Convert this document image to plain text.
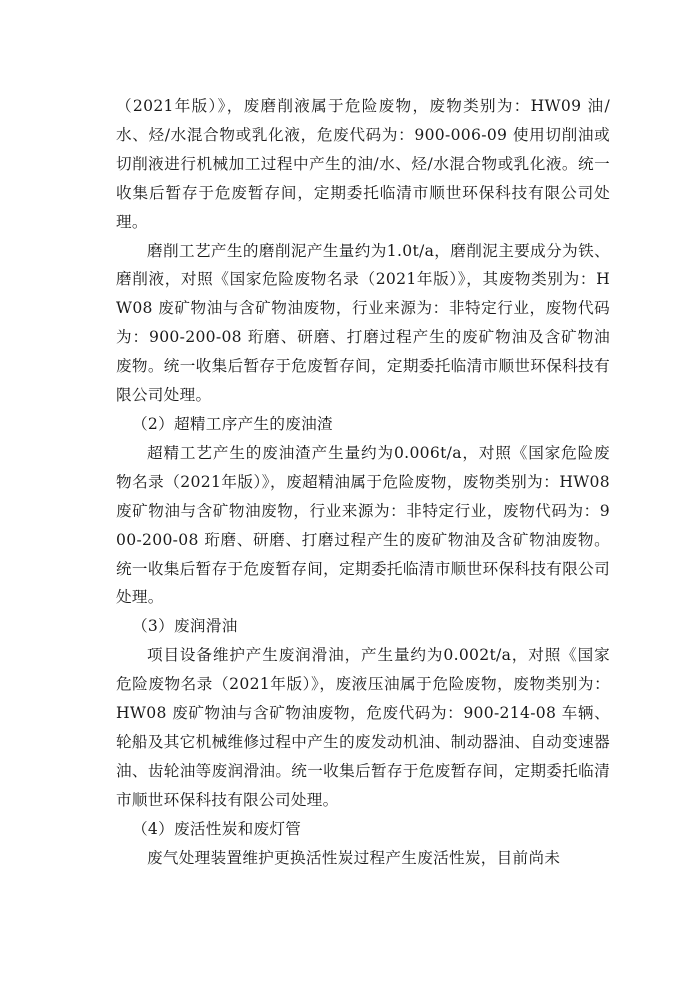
（2021年版）》，废磨削液属于危险废物，废物类别为：HW09 油/水、烃/水混合物或乳化液，危废代码为：900-006-09 使用切削油或切削液进行机械加工过程中产生的油/水、烃/水混合物或乳化液。统一收集后暂存于危废暂存间，定期委托临清市顺世环保科技有限公司处理。

磨削工艺产生的磨削泥产生量约为1.0t/a，磨削泥主要成分为铁、磨削液，对照《国家危险废物名录（2021年版）》，其废物类别为：HW08 废矿物油与含矿物油废物，行业来源为：非特定行业，废物代码为：900-200-08 珩磨、研磨、打磨过程产生的废矿物油及含矿物油废物。统一收集后暂存于危废暂存间，定期委托临清市顺世环保科技有限公司处理。

（2）超精工序产生的废油渣

超精工艺产生的废油渣产生量约为0.006t/a，对照《国家危险废物名录（2021年版）》，废超精油属于危险废物，废物类别为：HW08 废矿物油与含矿物油废物，行业来源为：非特定行业，废物代码为：900-200-08 珩磨、研磨、打磨过程产生的废矿物油及含矿物油废物。统一收集后暂存于危废暂存间，定期委托临清市顺世环保科技有限公司处理。

（3）废润滑油

项目设备维护产生废润滑油，产生量约为0.002t/a，对照《国家危险废物名录（2021年版）》，废液压油属于危险废物，废物类别为：HW08 废矿物油与含矿物油废物，危废代码为：900-214-08 车辆、轮船及其它机械维修过程中产生的废发动机油、制动器油、自动变速器油、齿轮油等废润滑油。统一收集后暂存于危废暂存间，定期委托临清市顺世环保科技有限公司处理。

（4）废活性炭和废灯管

废气处理装置维护更换活性炭过程产生废活性炭，目前尚未
